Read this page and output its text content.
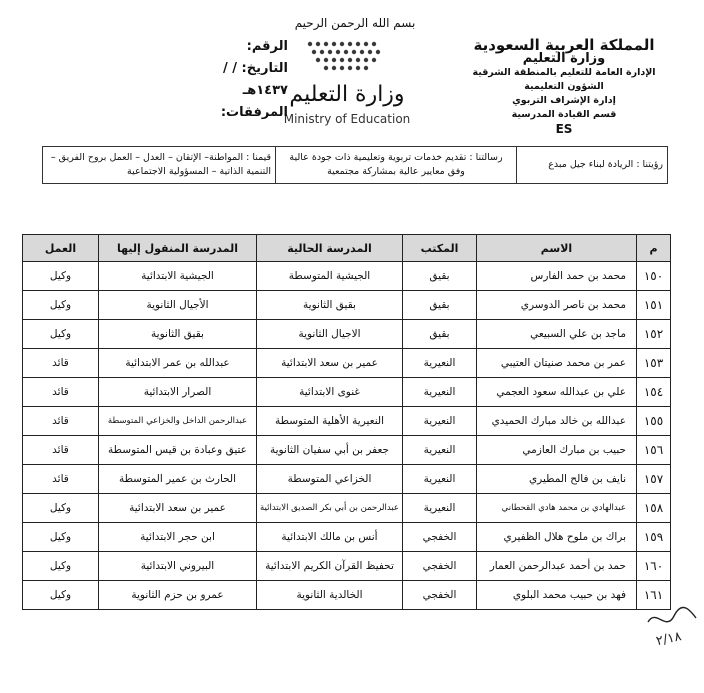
بسم الله الرحمن الرحيم
المملكة العربية السعودية
وزارة التعليم
الإدارة العامة للتعليم بالمنطقة الشرقية
الشؤون التعليمية
إدارة الإشراف التربوي
قسم القيادة المدرسية
ES
وزارة التعليم
Ministry of Education
الرقم:
التاريخ: / / ١٤٣٧هـ
المرفقات:
رؤيتنا : الريادة لبناء جيل مبدع
رسالتنا : تقديم خدمات تربوية وتعليمية ذات جودة عالية وفق معايير عالية بمشاركة مجتمعية
قيمنا : المواطنة– الإتقان – العدل – العمل بروح الفريق – التنمية الذاتية – المسؤولية الاجتماعية
م	الاسم	المكتب	المدرسة الحالية	المدرسة المنقول إليها	العمل
١٥٠	محمد بن حمد الفارس	بقيق	الجيشية المتوسطة	الجيشية الابتدائية	وكيل
١٥١	محمد بن ناصر الدوسري	بقيق	بقيق الثانوية	الأجيال الثانوية	وكيل
١٥٢	ماجد بن علي السبيعي	بقيق	الاجيال الثانوية	بقيق الثانوية	وكيل
١٥٣	عمر بن محمد صنيتان العتيبي	النعيرية	عمير بن سعد الابتدائية	عبدالله بن عمر الابتدائية	قائد
١٥٤	علي بن عبدالله سعود العجمي	النعيرية	غنوى الابتدائية	الصرار الابتدائية	قائد
١٥٥	عبدالله بن خالد مبارك الحميدي	النعيرية	النعيرية الأهلية المتوسطة	عبدالرحمن الداخل والخزاعي المتوسطة	قائد
١٥٦	حبيب بن مبارك العازمي	النعيرية	جعفر بن أبي سفيان الثانوية	عتيق وعبادة بن قيس المتوسطة	قائد
١٥٧	نايف بن فالح المطيري	النعيرية	الخزاعي المتوسطة	الحارث بن عمير المتوسطة	قائد
١٥٨	عبدالهادي بن محمد هادي القحطاني	النعيرية	عبدالرحمن بن أبي بكر الصديق الابتدائية	عمير بن سعد الابتدائية	وكيل
١٥٩	براك بن ملوح هلال الظفيري	الخفجي	أنس بن مالك الابتدائية	ابن حجر الابتدائية	وكيل
١٦٠	حمد بن أحمد عبدالرحمن العمار	الخفجي	تحفيظ القرآن الكريم الابتدائية	البيروني الابتدائية	وكيل
١٦١	فهد بن حبيب محمد البلوي	الخفجي	الخالدية الثانوية	عمرو بن حزم الثانوية	وكيل
٢/١٨
